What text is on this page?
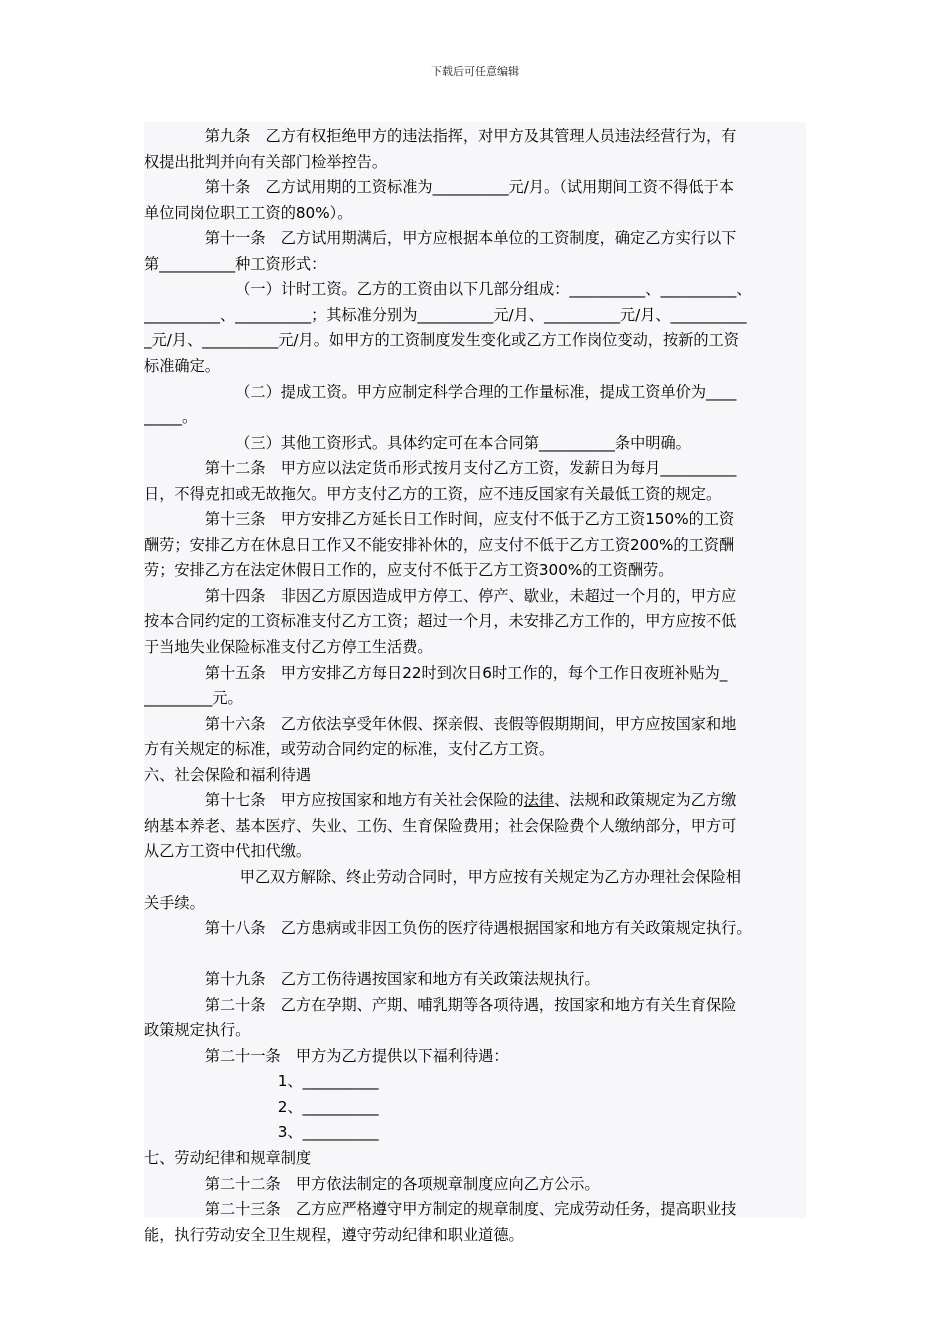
下载后可任意编辑
第九条　乙方有权拒绝甲方的违法指挥，对甲方及其管理人员违法经营行为，有
权提出批判并向有关部门检举控告。
第十条　乙方试用期的工资标准为__________元/月。（试用期间工资不得低于本
单位同岗位职工工资的80%）。
第十一条　乙方试用期满后，甲方应根据本单位的工资制度，确定乙方实行以下
第__________种工资形式：
（一）计时工资。乙方的工资由以下几部分组成：__________、__________、
__________、__________；其标准分别为__________元/月、__________元/月、__________
_元/月、__________元/月。如甲方的工资制度发生变化或乙方工作岗位变动，按新的工资
标准确定。
（二）提成工资。甲方应制定科学合理的工作量标准，提成工资单价为____
_____。
（三）其他工资形式。具体约定可在本合同第__________条中明确。
第十二条　甲方应以法定货币形式按月支付乙方工资，发薪日为每月__________
日，不得克扣或无故拖欠。甲方支付乙方的工资，应不违反国家有关最低工资的规定。
第十三条　甲方安排乙方延长日工作时间，应支付不低于乙方工资150%的工资
酬劳；安排乙方在休息日工作又不能安排补休的，应支付不低于乙方工资200%的工资酬
劳；安排乙方在法定休假日工作的，应支付不低于乙方工资300%的工资酬劳。
第十四条　非因乙方原因造成甲方停工、停产、歇业，未超过一个月的，甲方应
按本合同约定的工资标准支付乙方工资；超过一个月，未安排乙方工作的，甲方应按不低
于当地失业保险标准支付乙方停工生活费。
第十五条　甲方安排乙方每日22时到次日6时工作的，每个工作日夜班补贴为_
_________元。
第十六条　乙方依法享受年休假、探亲假、丧假等假期期间，甲方应按国家和地
方有关规定的标准，或劳动合同约定的标准，支付乙方工资。
六、社会保险和福利待遇
第十七条　甲方应按国家和地方有关社会保险的法律、法规和政策规定为乙方缴
纳基本养老、基本医疗、失业、工伤、生育保险费用；社会保险费个人缴纳部分，甲方可
从乙方工资中代扣代缴。
甲乙双方解除、终止劳动合同时，甲方应按有关规定为乙方办理社会保险相
关手续。
第十八条　乙方患病或非因工负伤的医疗待遇根据国家和地方有关政策规定执行。
第十九条　乙方工伤待遇按国家和地方有关政策法规执行。
第二十条　乙方在孕期、产期、哺乳期等各项待遇，按国家和地方有关生育保险
政策规定执行。
第二十一条　甲方为乙方提供以下福利待遇：
1、__________
2、__________
3、__________
七、劳动纪律和规章制度
第二十二条　甲方依法制定的各项规章制度应向乙方公示。
第二十三条　乙方应严格遵守甲方制定的规章制度、完成劳动任务，提高职业技
能，执行劳动安全卫生规程，遵守劳动纪律和职业道德。
